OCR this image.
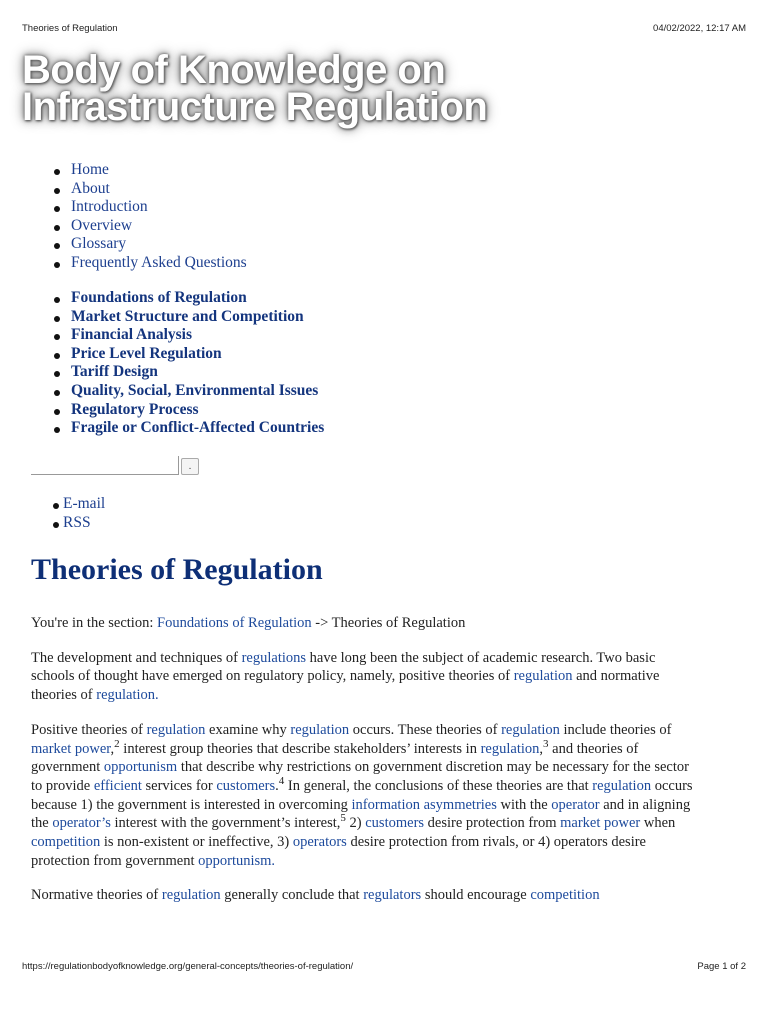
Theories of Regulation	04/02/2022, 12:17 AM
Body of Knowledge on
Infrastructure Regulation
Home
About
Introduction
Overview
Glossary
Frequently Asked Questions
Foundations of Regulation
Market Structure and Competition
Financial Analysis
Price Level Regulation
Tariff Design
Quality, Social, Environmental Issues
Regulatory Process
Fragile or Conflict-Affected Countries
.
E-mail
RSS
Theories of Regulation

You're in the section: Foundations of Regulation -> Theories of Regulation

The development and techniques of regulations have long been the subject of academic research. Two basic schools of thought have emerged on regulatory policy, namely, positive theories of regulation and normative theories of regulation.

Positive theories of regulation examine why regulation occurs. These theories of regulation include theories of market power,$^2$ interest group theories that describe stakeholders’ interests in regulation,$^3$ and theories of government opportunism that describe why restrictions on government discretion may be necessary for the sector to provide efficient services for customers.$^4$ In general, the conclusions of these theories are that regulation occurs because 1) the government is interested in overcoming information asymmetries with the operator and in aligning the operator’s interest with the government’s interest,$^5$ 2) customers desire protection from market power when competition is non-existent or ineffective, 3) operators desire protection from rivals, or 4) operators desire protection from government opportunism.

Normative theories of regulation generally conclude that regulators should encourage competition

https://regulationbodyofknowledge.org/general-concepts/theories-of-regulation/	Page 1 of 2
